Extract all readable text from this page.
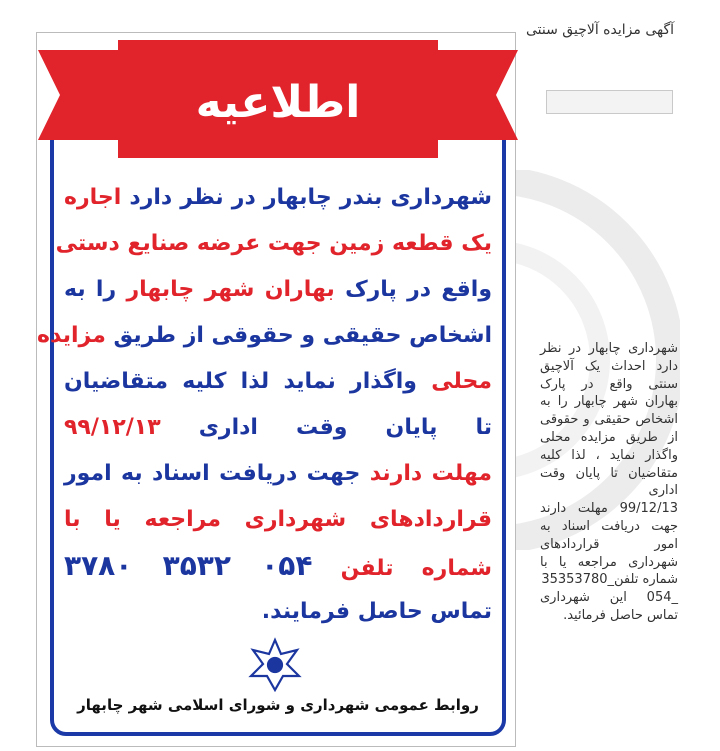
آگهی مزایده آلاچیق سنتی

شهرداری چابهار در نظر دارد احداث یک آلاچیق سنتی واقع در پارک بهاران شهر چابهار را به اشخاص حقیقی و حقوقی از طریق مزایده محلی واگذار نماید ، لذا کلیه متقاضیان تا پایان وقت اداری

99/12/13 مهلت دارند جهت دریافت اسناد به امور قراردادهای شهرداری مراجعه یا با شماره تلفن_35353780

_054 این شهرداری تماس حاصل فرمائید.

اطلاعیه
شهرداری بندر چابهار در نظر دارد اجاره
یک قطعه زمین جهت عرضه صنایع دستی
واقع در پارک بهاران شهر چابهار را به
اشخاص حقیقی و حقوقی از طریق مزایده
محلی واگذار نماید لذا کلیه متقاضیان
تا پایان وقت اداری ۹۹/۱۲/۱۳
مهلت دارند جهت دریافت اسناد به امور
قراردادهای شهرداری مراجعه یا با
شماره تلفن ۰۵۴ ۳۵۳۲ ۳۷۸۰
تماس حاصل فرمایند.
روابط عمومی شهرداری و شورای اسلامی شهر چابهار
